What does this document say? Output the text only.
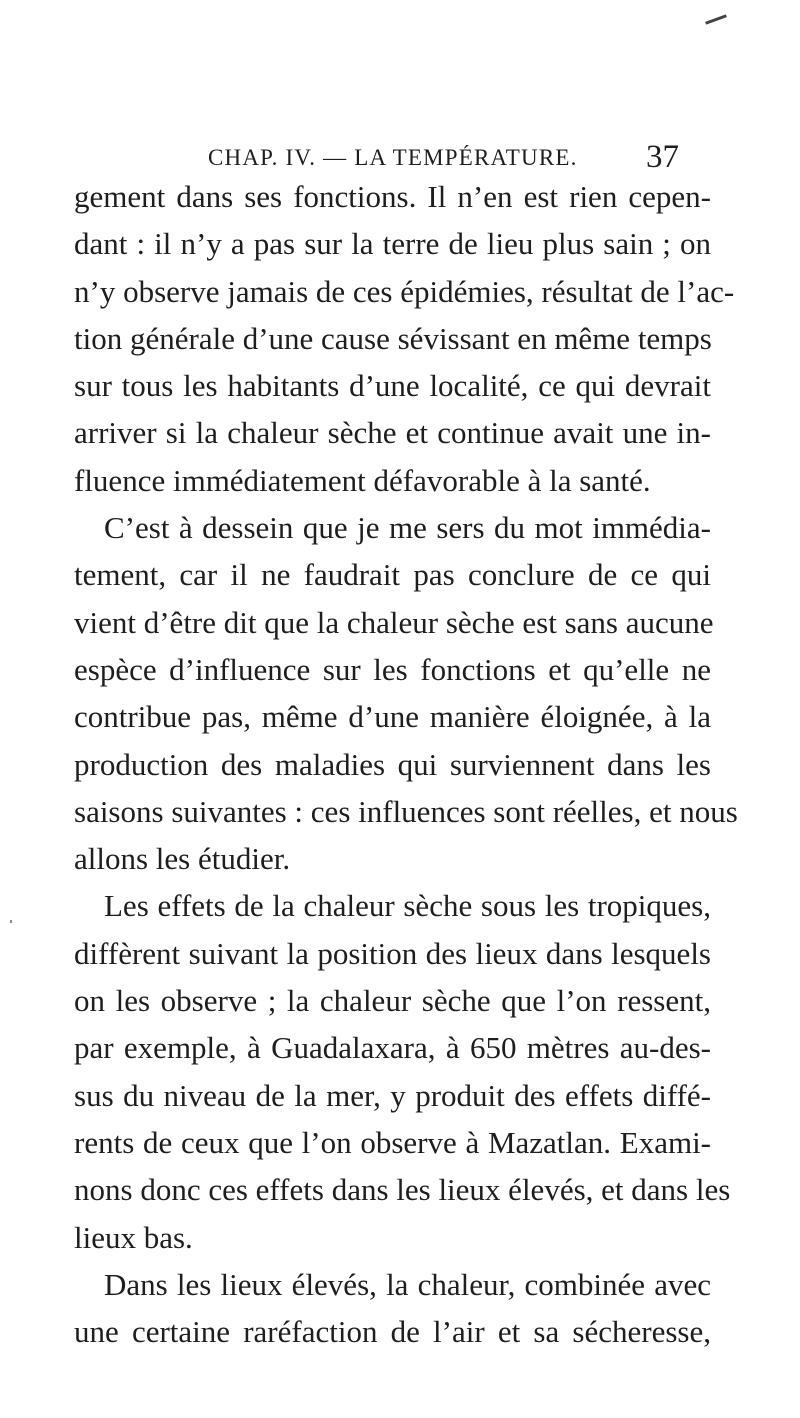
CHAP. IV. — LA TEMPÉRATURE. 37
gement dans ses fonctions. Il n’en est rien cepen-
dant : il n’y a pas sur la terre de lieu plus sain ; on
n’y observe jamais de ces épidémies, résultat de l’ac-
tion générale d’une cause sévissant en même temps
sur tous les habitants d’une localité, ce qui devrait
arriver si la chaleur sèche et continue avait une in-
fluence immédiatement défavorable à la santé.
C’est à dessein que je me sers du mot immédia-
tement, car il ne faudrait pas conclure de ce qui
vient d’être dit que la chaleur sèche est sans aucune
espèce d’influence sur les fonctions et qu’elle ne
contribue pas, même d’une manière éloignée, à la
production des maladies qui surviennent dans les
saisons suivantes : ces influences sont réelles, et nous
allons les étudier.
Les effets de la chaleur sèche sous les tropiques,
diffèrent suivant la position des lieux dans lesquels
on les observe ; la chaleur sèche que l’on ressent,
par exemple, à Guadalaxara, à 650 mètres au-des-
sus du niveau de la mer, y produit des effets diffé-
rents de ceux que l’on observe à Mazatlan. Exami-
nons donc ces effets dans les lieux élevés, et dans les
lieux bas.
Dans les lieux élevés, la chaleur, combinée avec
une certaine raréfaction de l’air et sa sécheresse,
